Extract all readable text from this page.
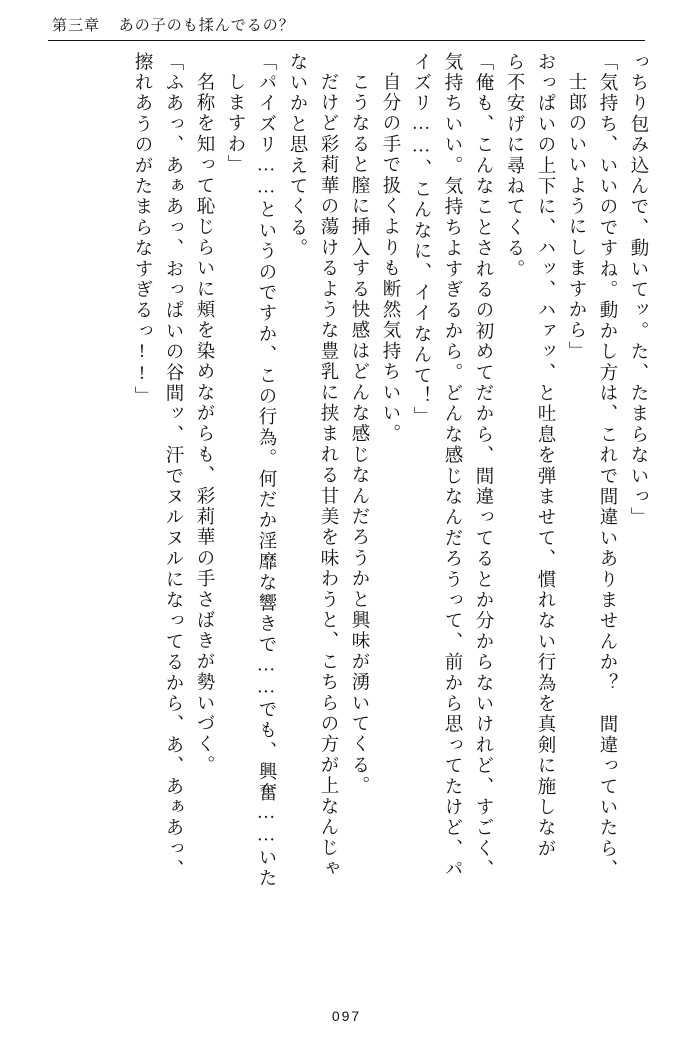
第三章 あの子のも揉んでるの？
っちり包み込んで、動いてッ。た、たまらないっ」
「気持ち、いいのですね。動かし方は、これで間違いありませんか？　間違っていたら、
士郎のいいようにしますから」
おっぱいの上下に、ハッ、ハァッ、と吐息を弾ませて、慣れない行為を真剣に施しなが
ら不安げに尋ねてくる。
「俺も、こんなことされるの初めてだから、間違ってるとか分からないけれど、すごく、
気持ちいい。気持ちよすぎるから。どんな感じなんだろうって、前から思ってたけど、パ
イズリ……、こんなに、イイなんて！」
自分の手で扱くよりも断然気持ちいい。
こうなると膣に挿入する快感はどんな感じなんだろうかと興味が湧いてくる。
だけど彩莉華の蕩けるような豊乳に挟まれる甘美を味わうと、こちらの方が上なんじゃ
ないかと思えてくる。
「パイズリ……というのですか、この行為。何だか淫靡な響きで……でも、興奮……いた
しますわ」
名称を知って恥じらいに頬を染めながらも、彩莉華の手さばきが勢いづく。
「ふあっ、あぁあっ、おっぱいの谷間ッ、汗でヌルヌルになってるから、あ、あぁあっ、
擦れあうのがたまらなすぎるっ!!」
097
